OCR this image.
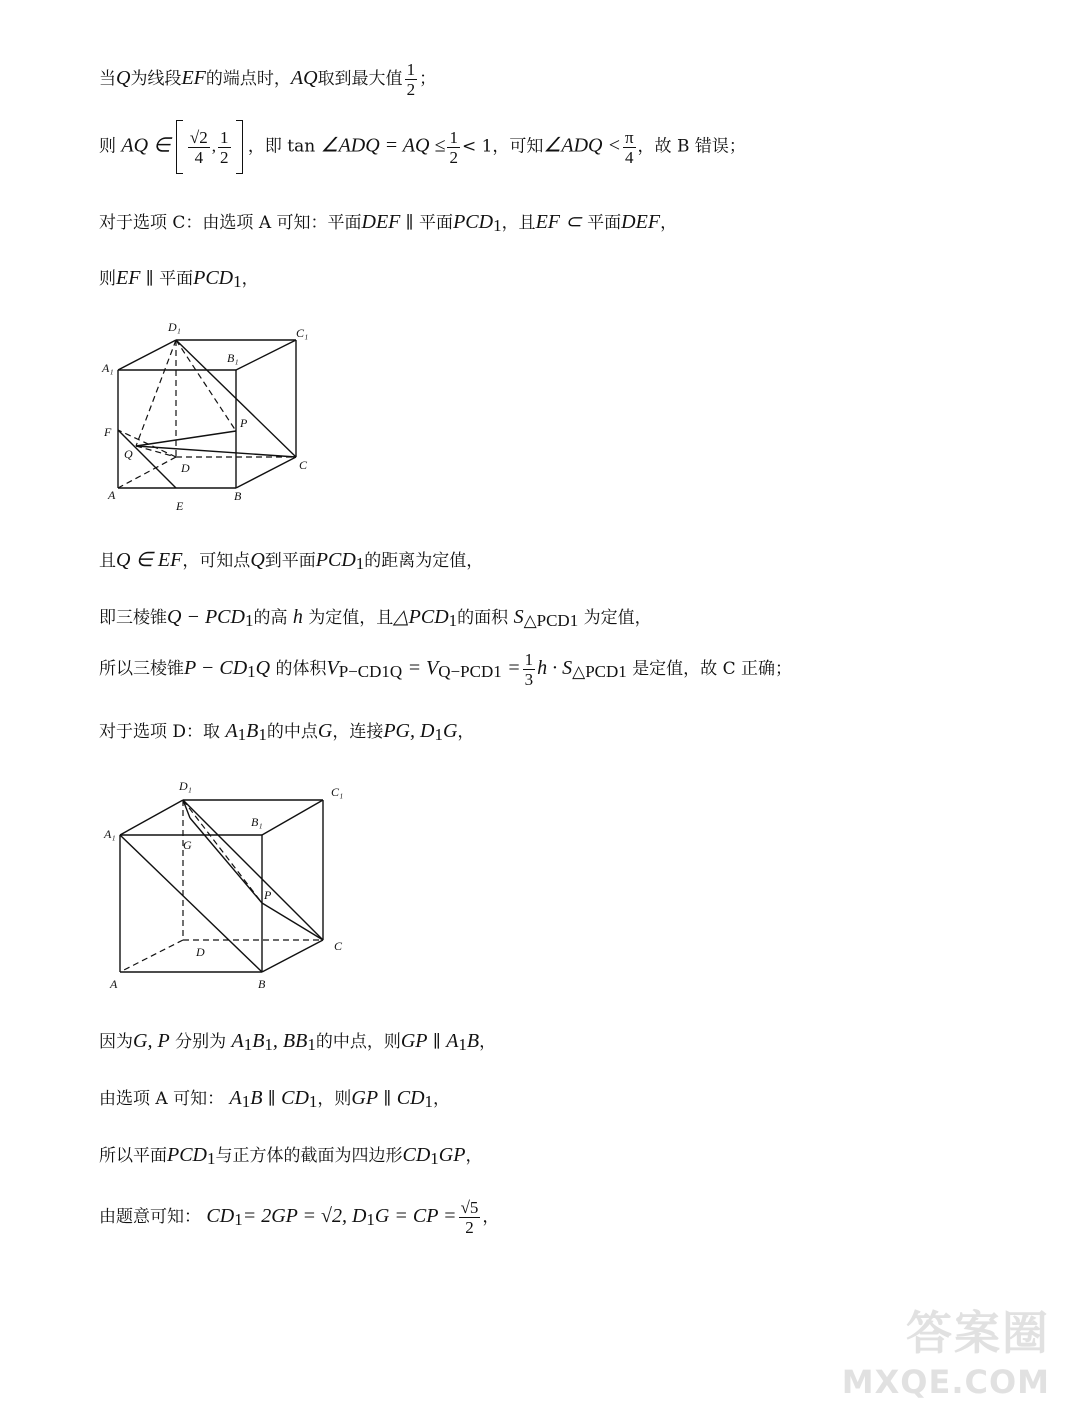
当Q为线段EF的端点时，AQ取到最大值 $\frac{1}{2}$ ；
则 AQ ∈ $\frac{√2}{4}$ , $\frac{1}{2}$ ，即 tan ∠ADQ = AQ ≤ $\frac{1}{2} < 1$，可知∠ADQ < $\frac{\pi}{4}$ ，故 B 错误；
对于选项 C：由选项 A 可知：平面DEF ∥ 平面$PCD_1$，且EF ⊂ 平面DEF，
则EF ∥ 平面$PCD_1$，
D₁	C₁
A₁
B₁
F
P
Q
D	C
A	B
E
且Q ∈ EF，可知点Q到平面$PCD_1$的距离为定值，
即三棱锥$Q - PCD_1$的高 h 为定值，且$\triangle PCD_1$的面积 $S_{\triangle PCD1}$ 为定值，
所以三棱锥$P - CD_1Q$ 的体积$V_{P-CD1Q} = V_{Q-PCD1} = \frac{1}{3}$ $h \cdot S_{\triangle PCD1}$ 是定值，故 C 正确；
对于选项 D：取 $A_1B_1$的中点G，连接PG, $D_1G$，
D₁	C₁
A₁
B₁
G
P
D	C
A	B
因为G, P 分别为 $A_1B_1$, $BB_1$的中点，则GP ∥ $A_1B$，
由选项 A 可知： $A_1B$ ∥ $CD_1$，则GP ∥ $CD_1$，
所以平面$PCD_1$与正方体的截面为四边形$CD_1GP$，
由题意可知： $CD_1= 2GP = √2$, $D_1G$ = CP = $\frac{√5}{2}$ ，
答案圈
MXQE.COM
